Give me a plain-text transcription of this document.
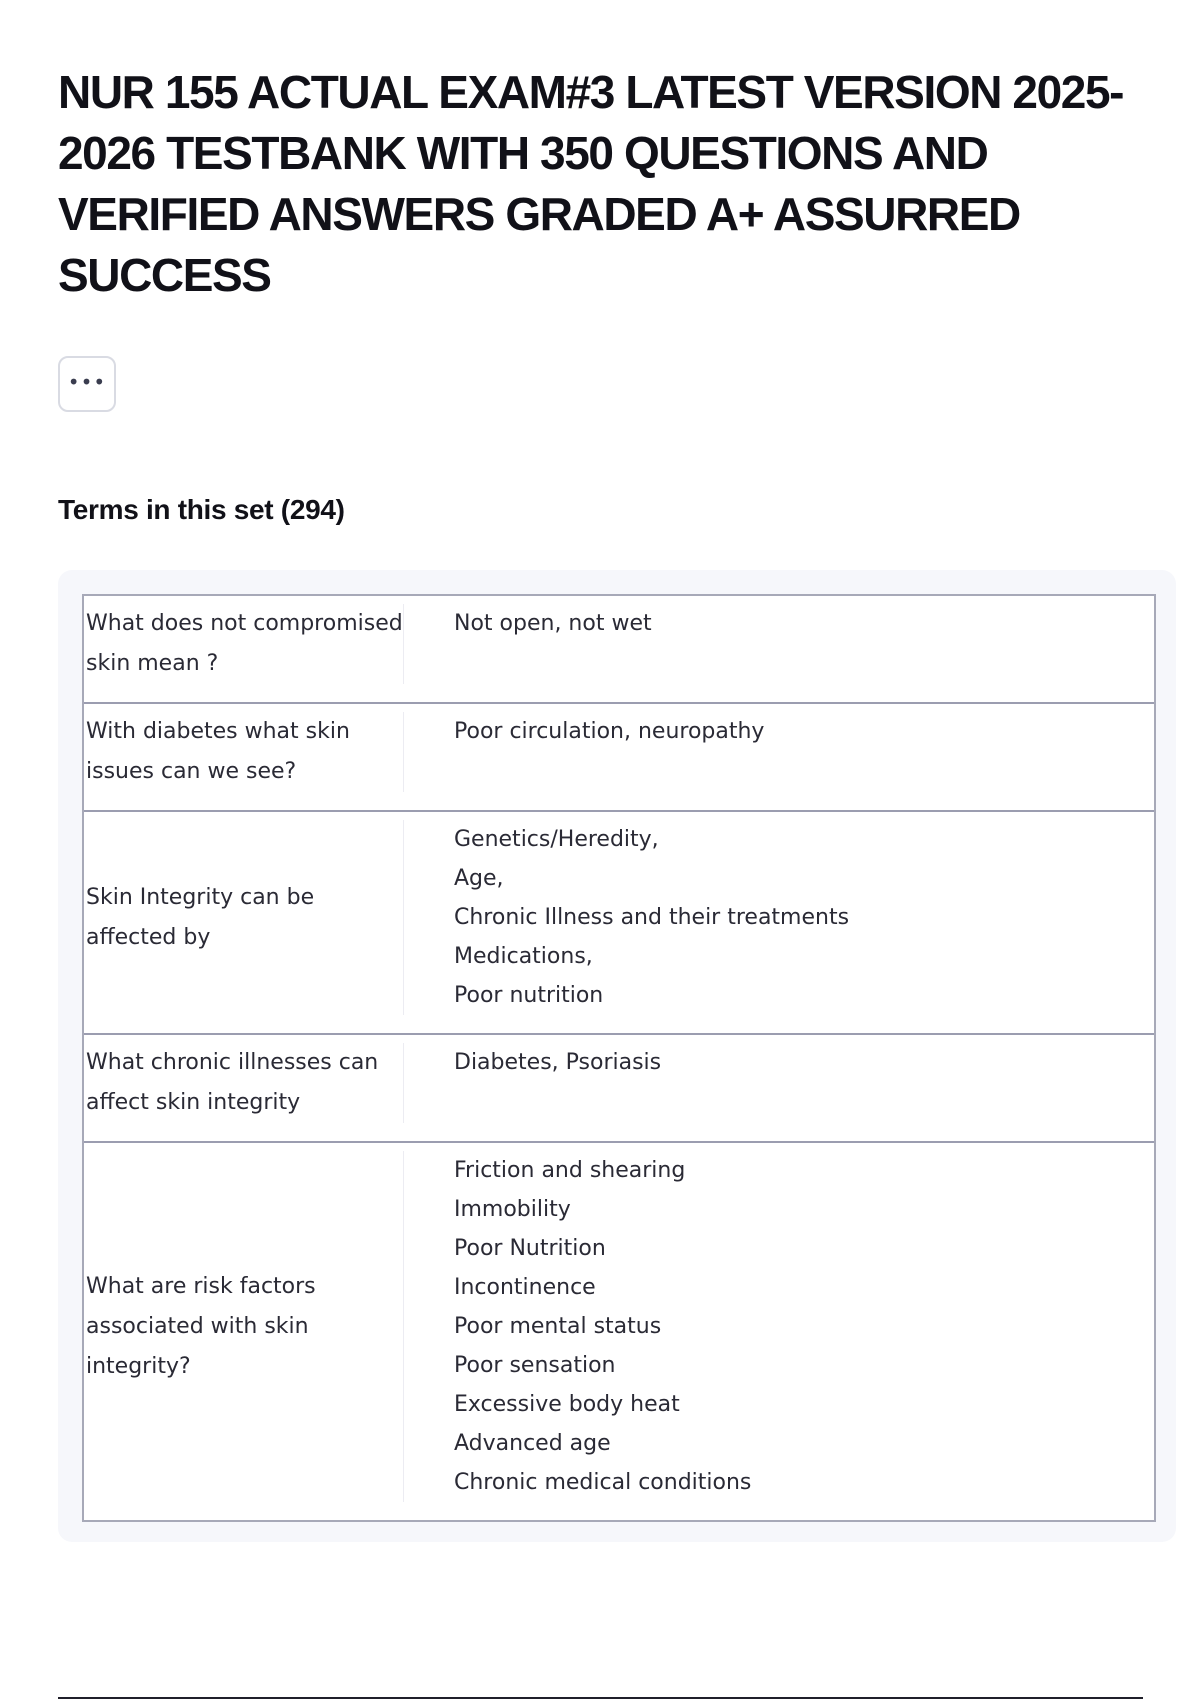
NUR 155 ACTUAL EXAM#3 LATEST VERSION 2025-2026 TESTBANK WITH 350 QUESTIONS AND VERIFIED ANSWERS GRADED A+ ASSURRED SUCCESS
•••
Terms in this set (294)
What does not compromised skin mean ?
Not open, not wet
With diabetes what skin issues can we see?
Poor circulation, neuropathy
Skin Integrity can be affected by
Genetics/Heredity,
Age,
Chronic Illness and their treatments
Medications,
Poor nutrition
What chronic illnesses can affect skin integrity
Diabetes, Psoriasis
What are risk factors associated with skin integrity?
Friction and shearing
Immobility
Poor Nutrition
Incontinence
Poor mental status
Poor sensation
Excessive body heat
Advanced age
Chronic medical conditions
